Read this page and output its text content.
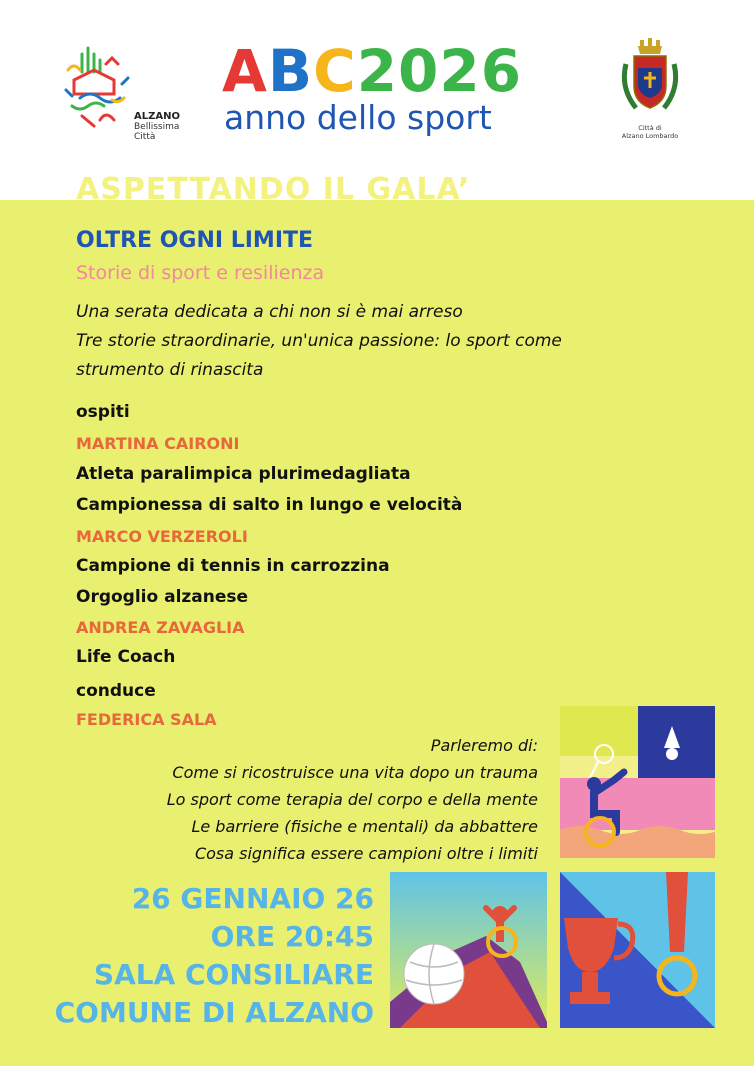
ALZANO
Bellissima
Città
ABC2026
anno dello sport	Città di
Alzano Lombardo
ASPETTANDO IL GALA’
OLTRE OGNI LIMITE
Storie di sport e resilienza
Una serata dedicata a chi non si è mai arreso
Tre storie straordinarie, un'unica passione: lo sport come
strumento di rinascita
ospiti
MARTINA CAIRONI
Atleta paralimpica plurimedagliata
Campionessa di salto in lungo e velocità
MARCO VERZEROLI
Campione di tennis in carrozzina
Orgoglio alzanese
ANDREA ZAVAGLIA
Life Coach
conduce
FEDERICA SALA
Parleremo di:
Come si ricostruisce una vita dopo un trauma
Lo sport come terapia del corpo e della mente
Le barriere (fisiche e mentali) da abbattere
Cosa significa essere campioni oltre i limiti
26 GENNAIO 26
ORE 20:45
SALA CONSILIARE
COMUNE DI ALZANO
